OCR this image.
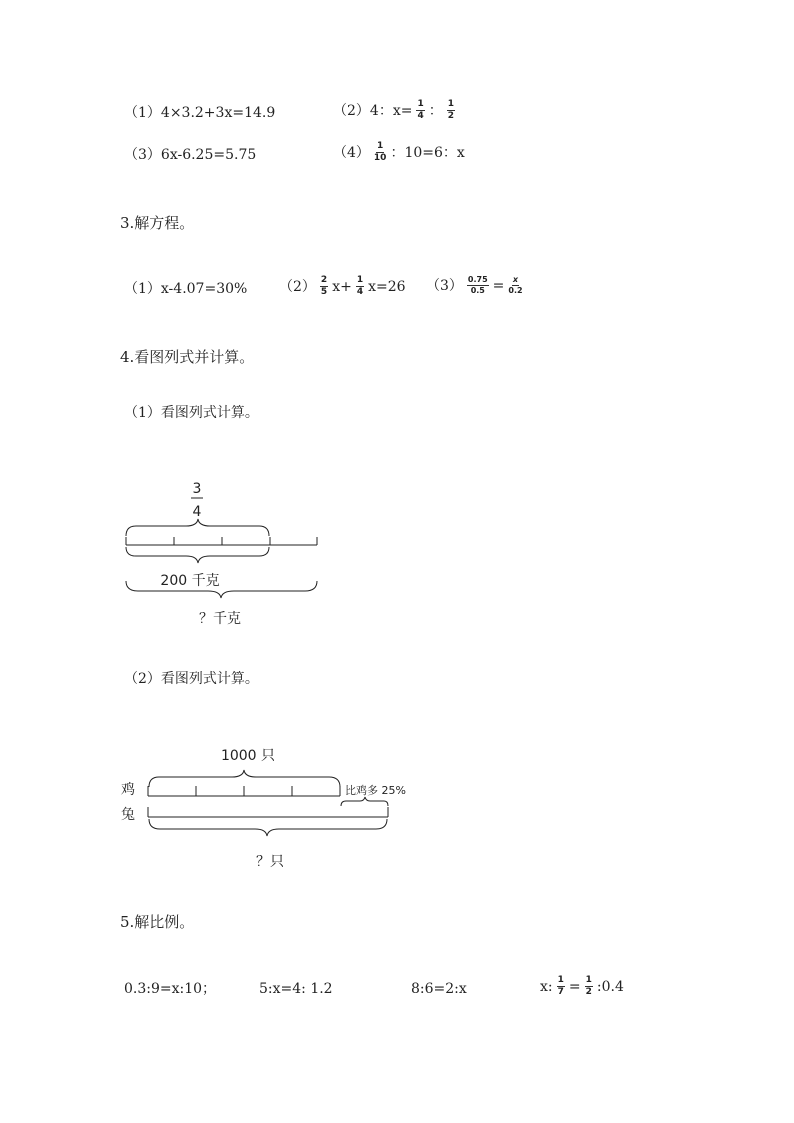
（1）4×3.2+3x=14.9	（2）4：$x= \frac{1}{4}$ ： $\frac{1}{2}$
（3）6x-6.25=5.75	$(4) \frac{1}{10}$ ：10=6：x
3.解方程。
（1）x-4.07=30% $(2) \frac{2}{5} x+ \frac{1}{4} x=26$ $(3) \frac{0.75}{0.5} = \frac{x}{0.2}$
4.看图列式并计算。
（1）看图列式计算。
3
4
200 千克
？千克
1000 只
鸡
兔
比鸡多 25%
？只
（2）看图列式计算。
5.解比例。
0.3:9=x:10；	5:x=4: 1.2	8:6=2:x	x: $\frac{1}{7} = \frac{1}{2}$ :0.4
